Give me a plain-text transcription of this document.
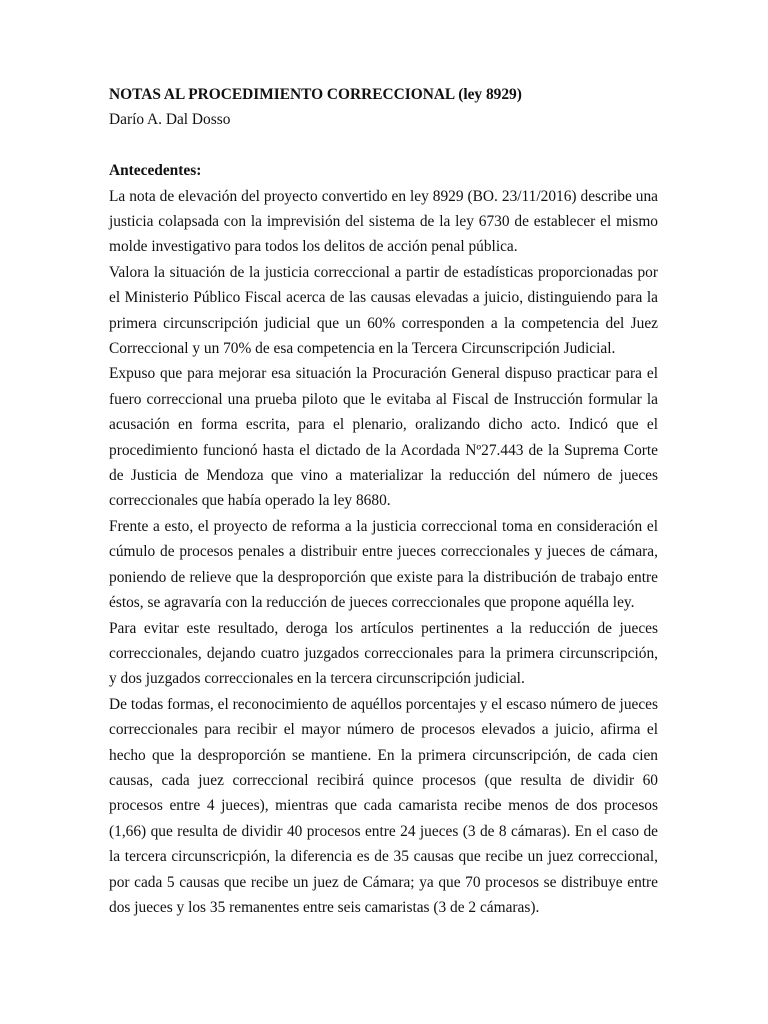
NOTAS AL PROCEDIMIENTO CORRECCIONAL (ley 8929)

Darío A. Dal Dosso

Antecedentes:

La nota de elevación del proyecto convertido en ley 8929 (BO. 23/11/2016) describe una justicia colapsada con la imprevisión del sistema de la ley 6730 de establecer el mismo molde investigativo para todos los delitos de acción penal pública.

Valora la situación de la justicia correccional a partir de estadísticas proporcionadas por el Ministerio Público Fiscal acerca de las causas elevadas a juicio, distinguiendo para la primera circunscripción judicial que un 60% corresponden a la competencia del Juez Correccional y un 70% de esa competencia en la Tercera Circunscripción Judicial.

Expuso que para mejorar esa situación la Procuración General dispuso practicar para el fuero correccional una prueba piloto que le evitaba al Fiscal de Instrucción formular la acusación en forma escrita, para el plenario, oralizando dicho acto. Indicó que el procedimiento funcionó hasta el dictado de la Acordada Nº27.443 de la Suprema Corte de Justicia de Mendoza que vino a materializar la reducción del número de jueces correccionales que había operado la ley 8680.

Frente a esto, el proyecto de reforma a la justicia correccional toma en consideración el cúmulo de procesos penales a distribuir entre jueces correccionales y jueces de cámara, poniendo de relieve que la desproporción que existe para la distribución de trabajo entre éstos, se agravaría con la reducción de jueces correccionales que propone aquélla ley.

Para evitar este resultado, deroga los artículos pertinentes a la reducción de jueces correccionales, dejando cuatro juzgados correccionales para la primera circunscripción, y dos juzgados correccionales en la tercera circunscripción judicial.

De todas formas, el reconocimiento de aquéllos porcentajes y el escaso número de jueces correccionales para recibir el mayor número de procesos elevados a juicio, afirma el hecho que la desproporción se mantiene. En la primera circunscripción, de cada cien causas, cada juez correccional recibirá quince procesos (que resulta de dividir 60 procesos entre 4 jueces), mientras que cada camarista recibe menos de dos procesos (1,66) que resulta de dividir 40 procesos entre 24 jueces (3 de 8 cámaras). En el caso de la tercera circunscricpión, la diferencia es de 35 causas que recibe un juez correccional, por cada 5 causas que recibe un juez de Cámara; ya que 70 procesos se distribuye entre dos jueces y los 35 remanentes entre seis camaristas (3 de 2 cámaras).
